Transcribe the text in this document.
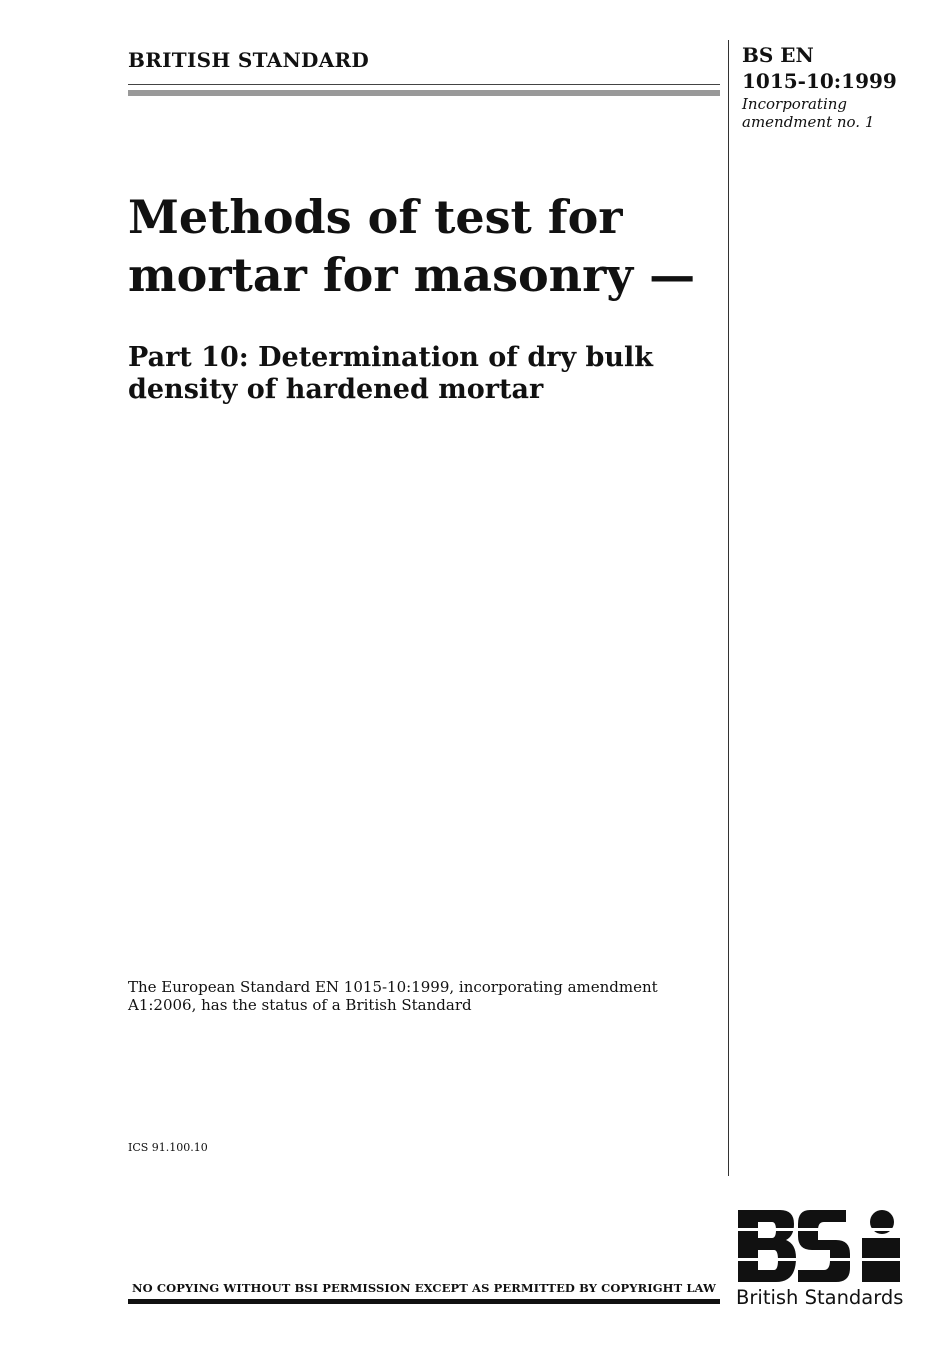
BRITISH STANDARD	BS EN
1015-10:1999
Incorporating
amendment no. 1
Methods of test for
mortar for masonry —
Part 10: Determination of dry bulk
density of hardened mortar
The European Standard EN 1015-10:1999, incorporating amendment
A1:2006, has the status of a British Standard
ICS 91.100.10
NO COPYING WITHOUT BSI PERMISSION EXCEPT AS PERMITTED BY COPYRIGHT LAW British Standards
